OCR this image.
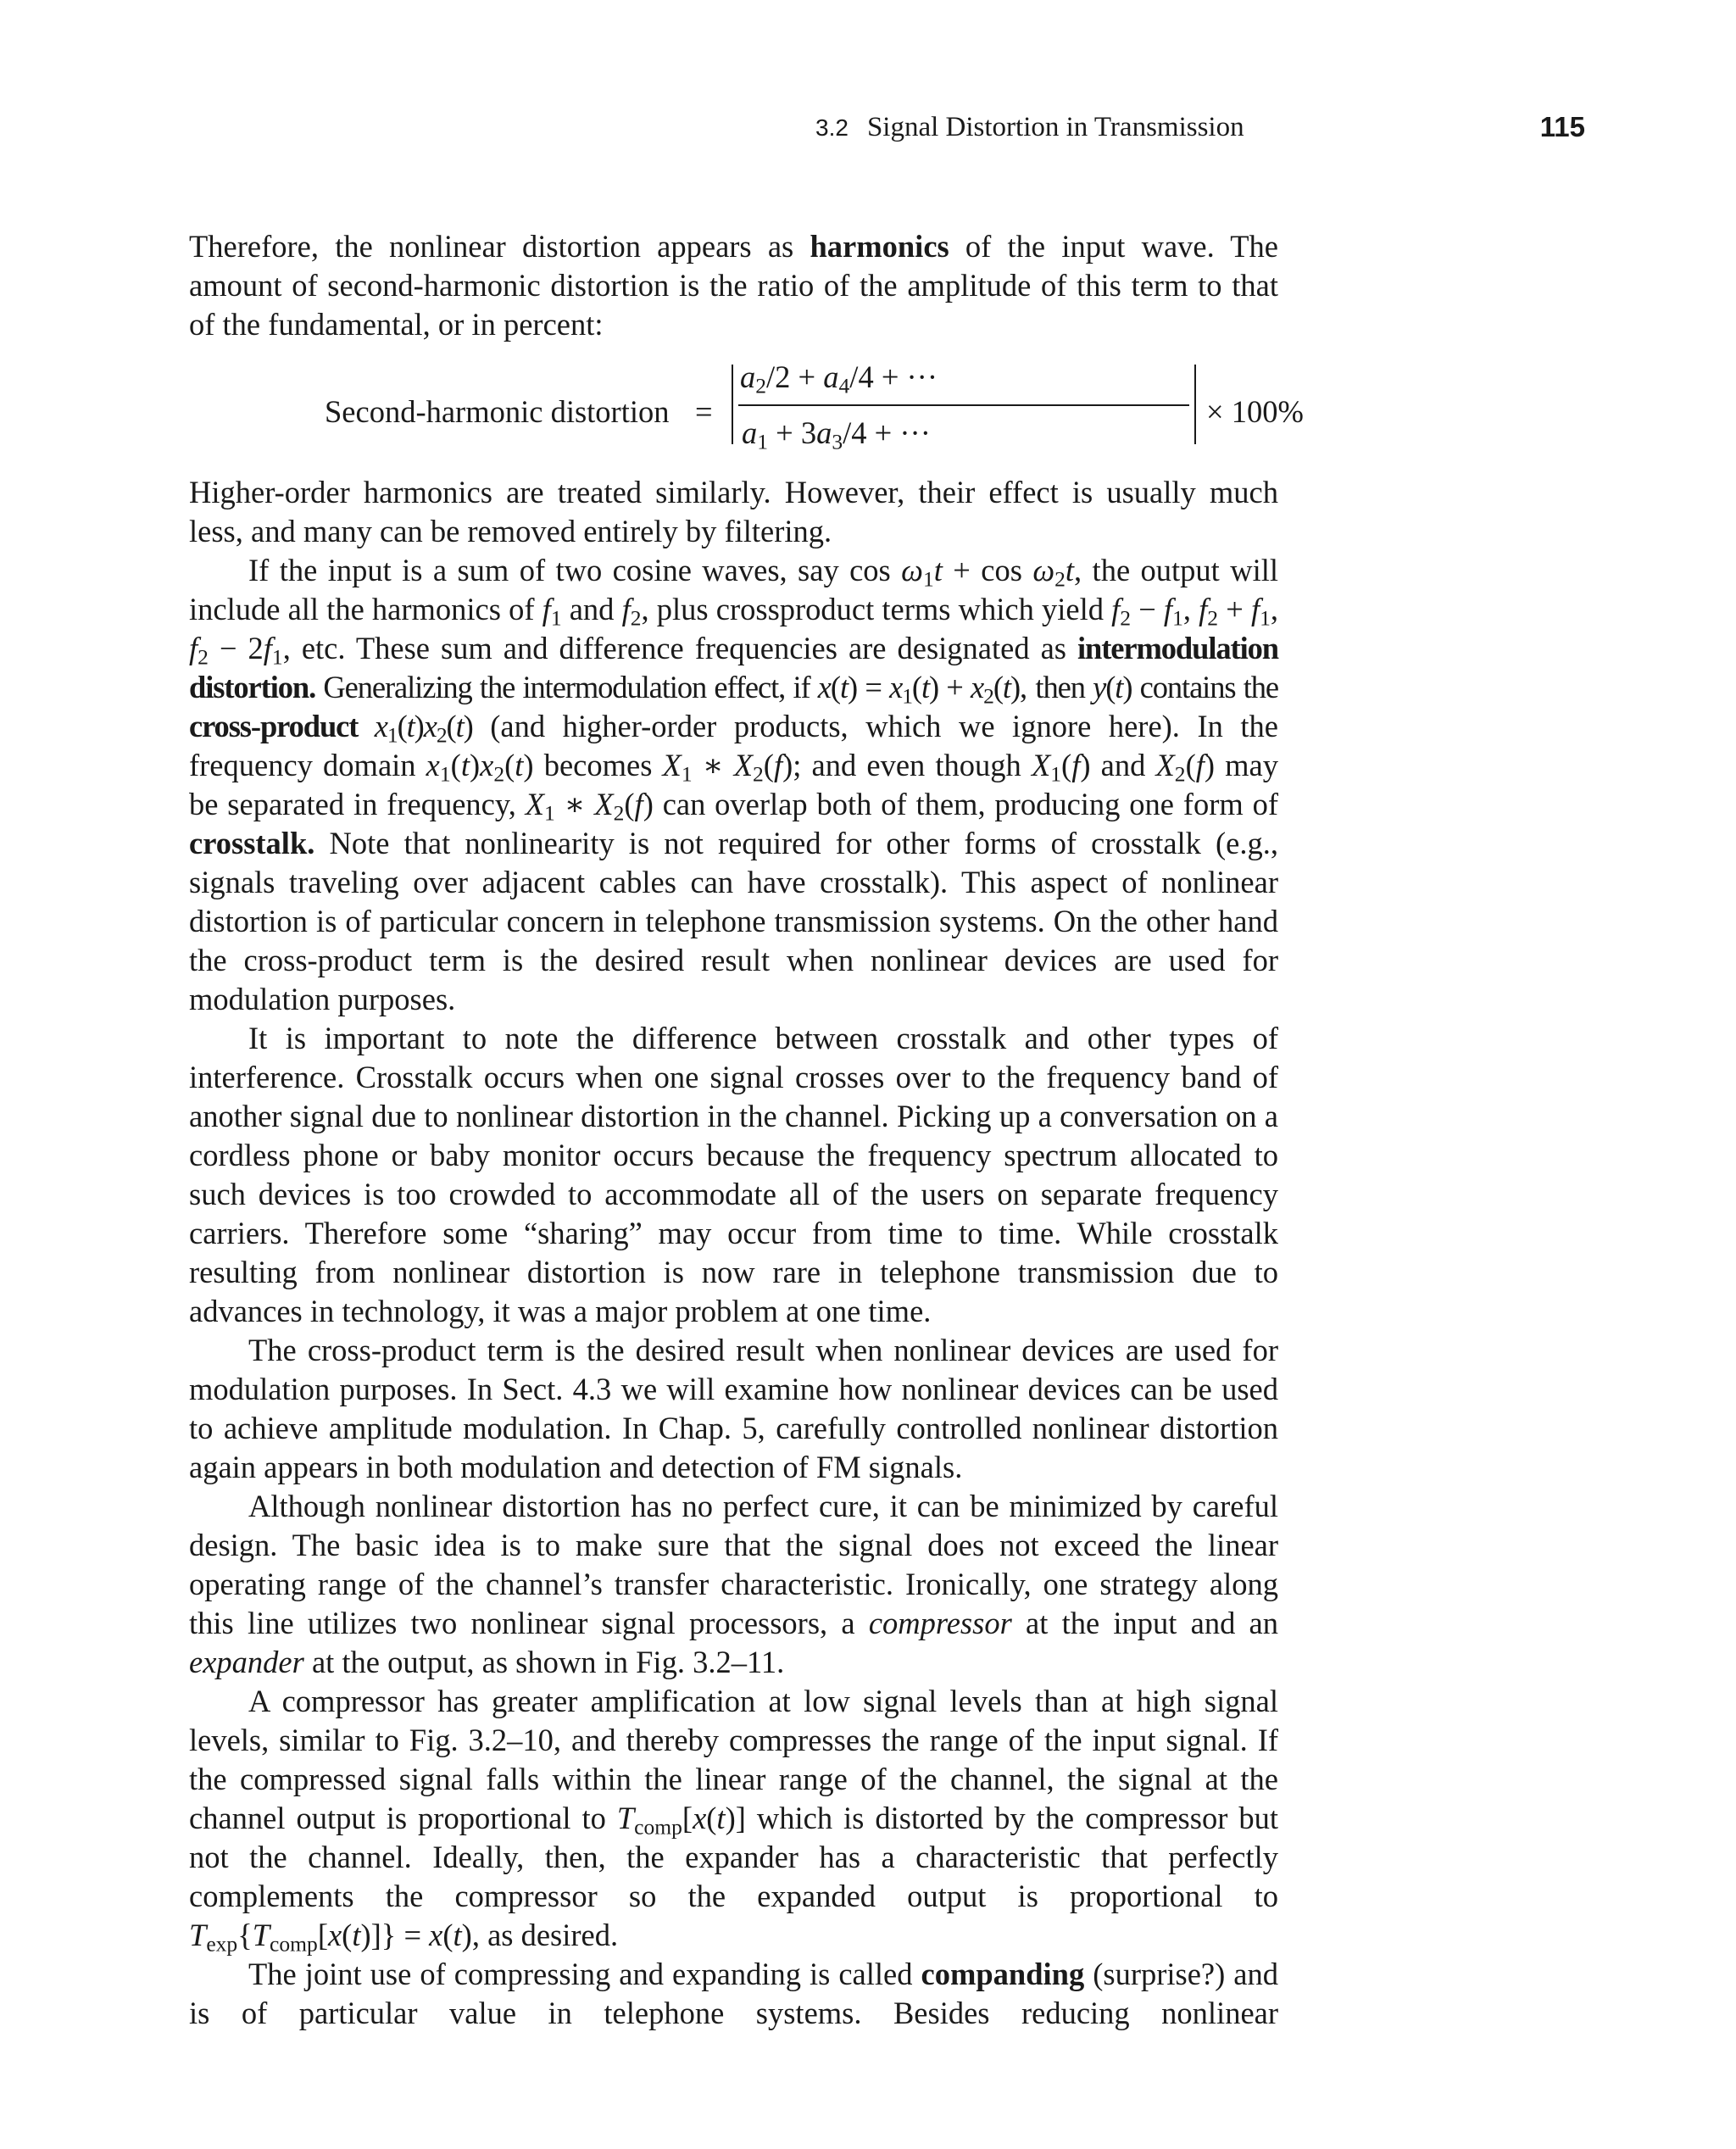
3.2 Signal Distortion in Transmission	115

Therefore, the nonlinear distortion appears as harmonics of the input wave. The amount of second-harmonic distortion is the ratio of the amplitude of this term to that of the fundamental, or in percent:

Second-harmonic distortion =
$a_2/2 + a_4/4$ + ···
$a_1 + 3a_3/4$ + ···
× 100%

Higher-order harmonics are treated similarly. However, their effect is usually much less, and many can be removed entirely by filtering.

If the input is a sum of two cosine waves, say $\cos \omega_1t + \cos \omega_2t$, the output will include all the harmonics of $f_1$ and $f_2$, plus crossproduct terms which yield $f_2 - f_1$, $f_2 + f_1$, $f_2 - 2f_1$, etc. These sum and difference frequencies are designated as intermodulation distortion. Generalizing the intermodulation effect, if $x(t) = x_1(t) + x_2(t)$, then y(t) contains the cross-product $x_1(t)x_2(t)$ (and higher-order products, which we ignore here). In the frequency domain $x_1(t)x_2(t)$ becomes $X_1$ ∗ $X_2(f)$; and even though $X_1(f)$ and $X_2(f)$ may be separated in frequency, $X_1$ ∗ $X_2(f)$ can overlap both of them, producing one form of crosstalk. Note that nonlinearity is not required for other forms of crosstalk (e.g., signals traveling over adjacent cables can have crosstalk). This aspect of nonlinear distortion is of particular concern in telephone transmission systems. On the other hand the cross-product term is the desired result when nonlinear devices are used for modulation purposes.

It is important to note the difference between crosstalk and other types of interference. Crosstalk occurs when one signal crosses over to the frequency band of another signal due to nonlinear distortion in the channel. Picking up a conversation on a cordless phone or baby monitor occurs because the frequency spectrum allocated to such devices is too crowded to accommodate all of the users on separate frequency carriers. Therefore some “sharing” may occur from time to time. While crosstalk resulting from nonlinear distortion is now rare in telephone transmission due to advances in technology, it was a major problem at one time.

The cross-product term is the desired result when nonlinear devices are used for modulation purposes. In Sect. 4.3 we will examine how nonlinear devices can be used to achieve amplitude modulation. In Chap. 5, carefully controlled nonlinear distortion again appears in both modulation and detection of FM signals.

Although nonlinear distortion has no perfect cure, it can be minimized by careful design. The basic idea is to make sure that the signal does not exceed the linear operating range of the channel’s transfer characteristic. Ironically, one strategy along this line utilizes two nonlinear signal processors, a compressor at the input and an expander at the output, as shown in Fig. 3.2–11.

A compressor has greater amplification at low signal levels than at high signal levels, similar to Fig. 3.2–10, and thereby compresses the range of the input signal. If the compressed signal falls within the linear range of the channel, the signal at the channel output is proportional to $T_{comp}[x(t)]$ which is distorted by the compressor but not the channel. Ideally, then, the expander has a characteristic that perfectly complements the compressor so the expanded output is proportional to $T_{exp}\{T_{comp}[x(t)]\} = x(t)$, as desired.

The joint use of compressing and expanding is called companding (surprise?) and is of particular value in telephone systems. Besides reducing nonlinear
